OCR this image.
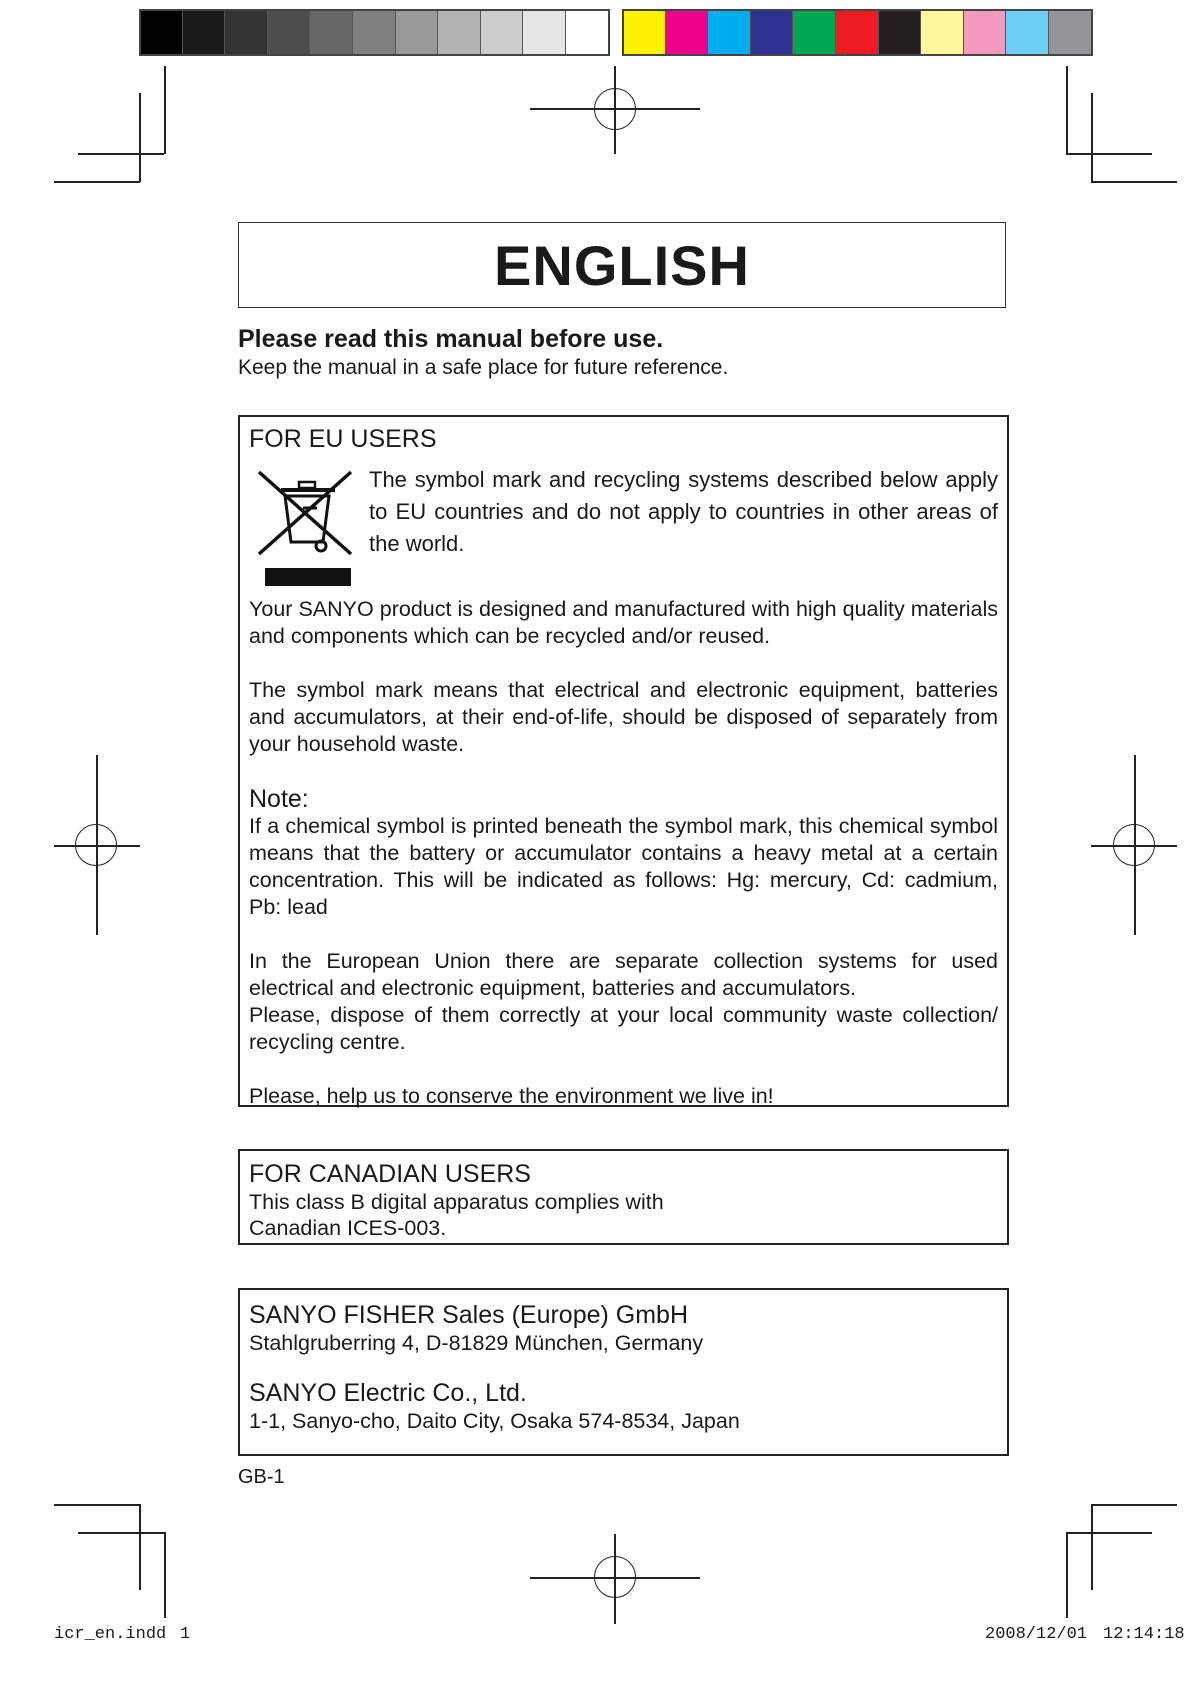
ENGLISH
Please read this manual before use.
Keep the manual in a safe place for future reference.
FOR EU USERS

The symbol mark and recycling systems described below apply to EU countries and do not apply to countries in other areas of the world.

Your SANYO product is designed and manufactured with high quality materials and components which can be recycled and/or reused.

The symbol mark means that electrical and electronic equipment, batteries and accumulators, at their end-of-life, should be disposed of separately from your household waste.

Note:

If a chemical symbol is printed beneath the symbol mark, this chemical symbol means that the battery or accumulator contains a heavy metal at a certain concentration. This will be indicated as follows: Hg: mercury, Cd: cadmium, Pb: lead

In the European Union there are separate collection systems for used electrical and electronic equipment, batteries and accumulators.

Please, dispose of them correctly at your local community waste collection/ recycling centre.

Please, help us to conserve the environment we live in!

FOR CANADIAN USERS

This class B digital apparatus complies with

Canadian ICES-003.

SANYO FISHER Sales (Europe) GmbH

Stahlgruberring 4, D-81829 München, Germany

SANYO Electric Co., Ltd.

1-1, Sanyo-cho, Daito City, Osaka 574-8534, Japan

GB-1
icr_en.indd 1	2008/12/01 12:14:18
